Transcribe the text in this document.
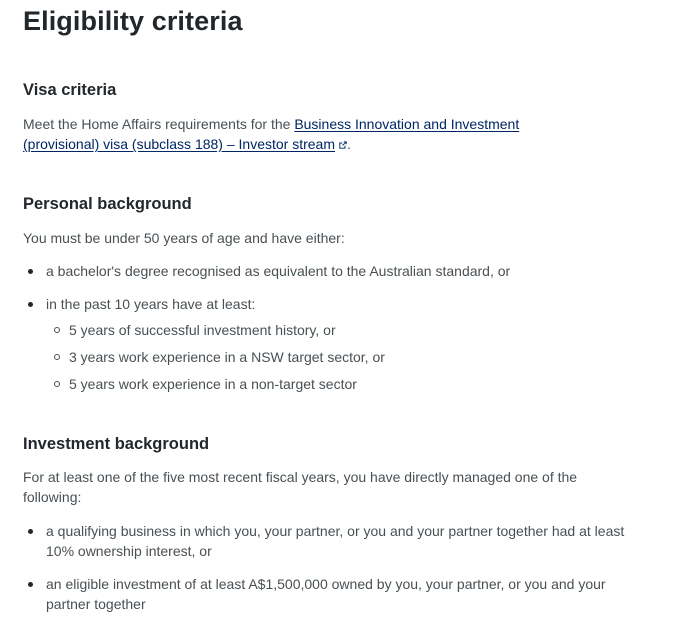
Eligibility criteria
Visa criteria

Meet the Home Affairs requirements for the Business Innovation and Investment
(provisional) visa (subclass 188) – Investor stream .

Personal background

You must be under 50 years of age and have either:

a bachelor's degree recognised as equivalent to the Australian standard, or
in the past 10 years have at least:
5 years of successful investment history, or
3 years work experience in a NSW target sector, or
5 years work experience in a non-target sector
Investment background

For at least one of the five most recent fiscal years, you have directly managed one of the following:

a qualifying business in which you, your partner, or you and your partner together had at least 10% ownership interest, or
an eligible investment of at least A$1,500,000 owned by you, your partner, or you and your partner together
